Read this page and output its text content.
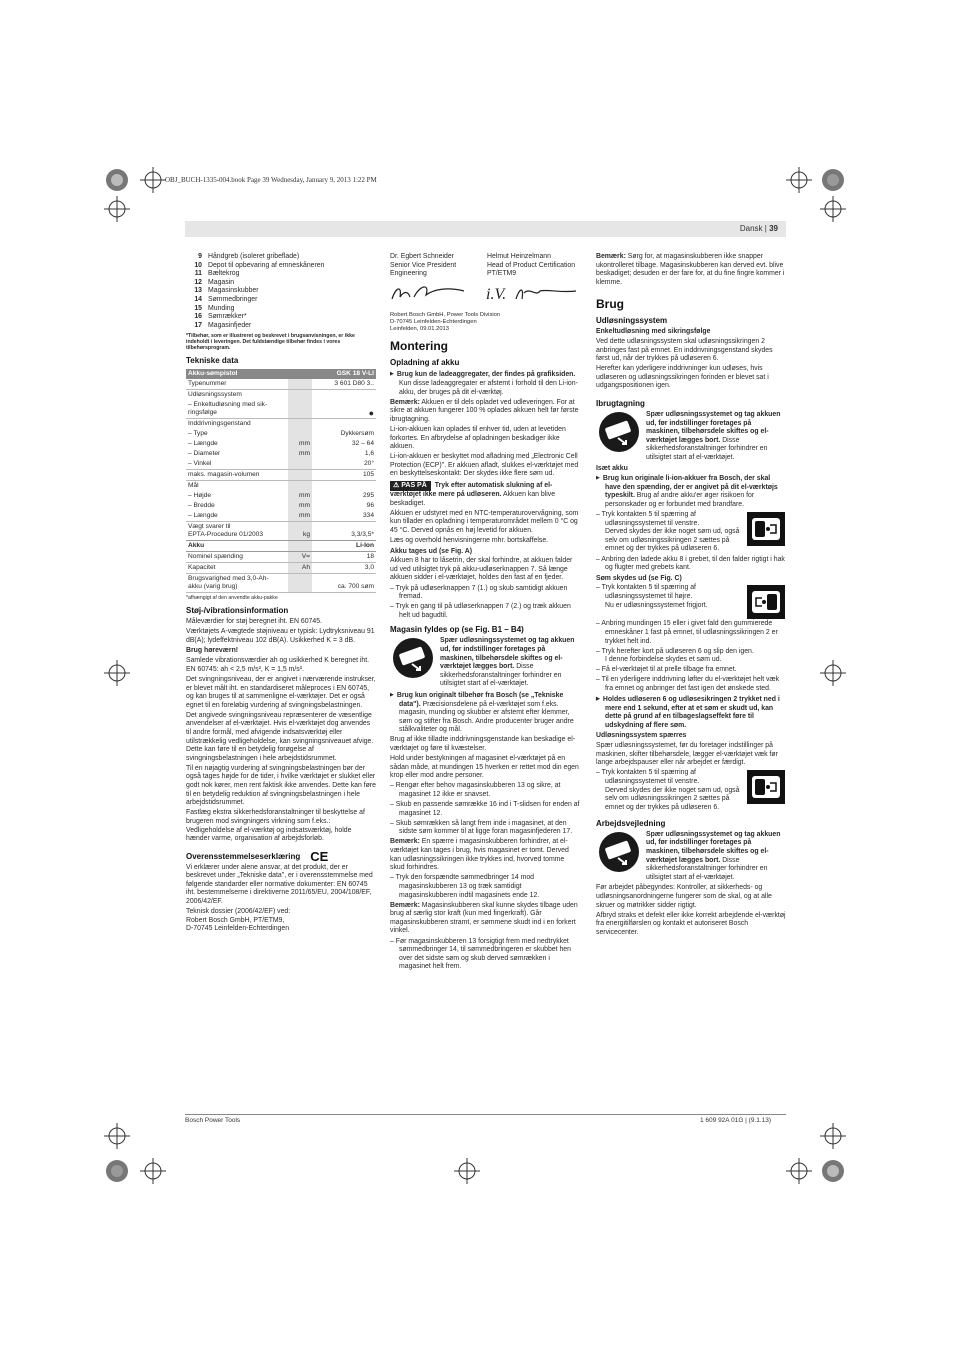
OBJ_BUCH-1335-004.book Page 39 Wednesday, January 9, 2013 1:22 PM
Dansk | 39
Bosch Power Tools	1 609 92A 01G | (9.1.13)
9 Håndgreb (isoleret gribeflade)
10 Depot til opbevaring af emneskåneren
11 Bæltekrog
12 Magasin
13 Magasinskubber
14 Sømmedbringer
15 Munding
16 Sømrækker*
17 Magasinfjeder

*Tilbehør, som er illustreret og beskrevet i brugsanvisningen, er ikke indeholdt i leveringen. Det fuldstændige tilbehør findes i vores tilbehørsprogram.

Tekniske data
Akku-sømpistol		GSK 18 V-LI
Typenummer		3 601 D80 3..
Udløsningssystem		
– Enkeltudløsning med sik-
ringsfølge		●
Inddrivningsgenstand		
– Type		Dykkersøm
– Længde	mm	32 – 64
– Diameter	mm	1,6
– Vinkel		20°
maks. magasin-volumen		105
Mål		
– Højde	mm	295
– Bredde	mm	96
– Længde	mm	334
Vægt svarer til
EPTA-Procedure 01/2003	kg	3,3/3,5*
Akku		Li-Ion
Nominel spænding	V=	18
Kapacitet	Ah	3,0
Brugsvarighed med 3,0-Ah-
akku (varig brug)		ca. 700 søm

*afhængigt af den anvendte akku-pakke

Støj-/vibrationsinformation

Måleværdier for støj beregnet iht. EN 60745.

Værktøjets A-vægtede støjniveau er typisk: Lydtryksniveau 91 dB(A); lydeffektniveau 102 dB(A). Usikkerhed K = 3 dB.

Brug høreværn!

Samlede vibrationsværdier ah og usikkerhed K beregnet iht. EN 60745: ah < 2,5 m/s², K = 1,5 m/s².

Det svingningsniveau, der er angivet i nærværende instrukser, er blevet målt iht. en standardiseret måleproces i EN 60745, og kan bruges til at sammenligne el-værktøjer. Det er også egnet til en foreløbig vurdering af svingningsbelastningen.

Det angivede svingningsniveau repræsenterer de væsentlige anvendelser af el-værktøjet. Hvis el-værktøjet dog anvendes til andre formål, med afvigende indsatsværktøj eller utilstrækkelig vedligeholdelse, kan svingningsniveauet afvige. Dette kan føre til en betydelig forøgelse af svingningsbelastningen i hele arbejdstidsrummet.

Til en nøjagtig vurdering af svingningsbelastningen bør der også tages højde for de tider, i hvilke værktøjet er slukket eller godt nok kører, men rent faktisk ikke anvendes. Dette kan føre til en betydelig reduktion af svingningsbelastningen i hele arbejdstidsrummet.

Fastlæg ekstra sikkerhedsforanstaltninger til beskyttelse af brugeren mod svingningers virkning som f.eks.: Vedligeholdelse af el-værktøj og indsatsværktøj, holde hænder varme, organisation af arbejdsforløb.

Overensstemmelseserklæring CE

Vi erklærer under alene ansvar, at det produkt, der er beskrevet under „Tekniske data", er i overensstemmelse med følgende standarder eller normative dokumenter: EN 60745 iht. bestemmelserne i direktiverne 2011/65/EU, 2004/108/EF, 2006/42/EF.

Teknisk dossier (2006/42/EF) ved:
Robert Bosch GmbH, PT/ETM9,
D-70745 Leinfelden-Echterdingen

Dr. Egbert Schneider
Senior Vice President
Engineering
Helmut Heinzelmann
Head of Product Certification
PT/ETM9
i.V.

Robert Bosch GmbH, Power Tools Division
D-70745 Leinfelden-Echterdingen
Leinfelden, 09.01.2013

Montering
Opladning af akku

▶ Brug kun de ladeaggregater, der findes på grafiksiden. Kun disse ladeaggregater er afstemt i forhold til den Li-ion-akku, der bruges på dit el-værktøj.

Bemærk: Akkuen er til dels opladet ved udleveringen. For at sikre at akkuen fungerer 100 % oplades akkuen helt før første ibrugtagning.

Li-ion-akkuen kan oplades til enhver tid, uden at levetiden forkortes. En afbrydelse af opladningen beskadiger ikke akkuen.

Li-ion-akkuen er beskyttet mod afladning med „Electronic Cell Protection (ECP)". Er akkuen afladt, slukkes el-værktøjet med en beskyttelseskontakt: Der skydes ikke flere søm ud.

⚠ PAS PÅ Tryk efter automatisk slukning af el-værktøjet ikke mere på udløseren. Akkuen kan blive beskadiget.

Akkuen er udstyret med en NTC-temperaturovervågning, som kun tillader en opladning i temperaturområdet mellem 0 °C og 45 °C. Derved opnås en høj levetid for akkuen.

Læs og overhold henvisningerne mhr. bortskaffelse.

Akku tages ud (se Fig. A)

Akkuen 8 har to låsetrin, der skal forhindre, at akkuen falder ud ved utilsigtet tryk på akku-udløserknappen 7. Så længe akkuen sidder i el-værktøjet, holdes den fast af en fjeder.

– Tryk på udløserknappen 7 (1.) og skub samtidigt akkuen fremad.

– Tryk en gang til på udløserknappen 7 (2.) og træk akkuen helt ud bagudtil.

Magasin fyldes op (se Fig. B1 – B4)

Spær udløsningssystemet og tag akkuen ud, før indstillinger foretages på maskinen, tilbehørsdele skiftes og el-værktøjet lægges bort. Disse sikkerhedsforanstaltninger forhindrer en utilsigtet start af el-værktøjet.

▶ Brug kun originalt tilbehør fra Bosch (se „Tekniske data"). Præcisionsdelene på el-værktøjet som f.eks. magasin, munding og skubber er afstemt efter klemmer, søm og stifter fra Bosch. Andre producenter bruger andre stålkvaliteter og mål.

Brug af ikke tilladte inddrivningsgenstande kan beskadige el-værktøjet og føre til kvæstelser.

Hold under bestykningen af magasinet el-værktøjet på en sådan måde, at mundingen 15 hverken er rettet mod din egen krop eller mod andre personer.

– Rengør efter behov magasinskubberen 13 og sikre, at magasinet 12 ikke er snavset.

– Skub en passende sømrække 16 ind i T-slidsen for enden af magasinet 12.

– Skub sømrækken så langt frem inde i magasinet, at den sidste søm kommer til at ligge foran magasinfjederen 17.

Bemærk: En spærre i magasinskubberen forhindrer, at el-værktøjet kan tages i brug, hvis magasinet er tomt. Derved kan udløsningssikringen ikke trykkes ind, hvorved tomme skud forhindres.

– Tryk den forspændte sømmedbringer 14 mod magasinskubberen 13 og træk samtidigt magasinskubberen indtil magasinets ende 12.

Bemærk: Magasinskubberen skal kunne skydes tilbage uden brug af særlig stor kraft (kun med fingerkraft). Går magasinskubberen stramt, er sømmene skudt ind i en forkert vinkel.

– Før magasinskubberen 13 forsigtigt frem med nedtrykket sømmedbringer 14, til sømmedbringeren er skubbet hen over det sidste søm og skub derved sømrækken i magasinet helt frem.

Bemærk: Sørg for, at magasinskubberen ikke snapper ukontrolleret tilbage. Magasinskubberen kan derved evt. blive beskadiget; desuden er der fare for, at du fine fingre kommer i klemme.

Brug
Udløsningssystem
Enkeltudløsning med sikringsfølge

Ved dette udløsningssystem skal udløsningssikringen 2 anbringes fast på emnet. En inddrivningsgenstand skydes først ud, når der trykkes på udløseren 6.

Herefter kan yderligere inddrivninger kun udløses, hvis udløseren og udløsningssikringen forinden er blevet sat i udgangspositionen igen.

Ibrugtagning

Spær udløsningssystemet og tag akkuen ud, før indstillinger foretages på maskinen, tilbehørsdele skiftes og el-værktøjet lægges bort. Disse sikkerhedsforanstaltninger forhindrer en utilsigtet start af el-værktøjet.

Isæt akku

▶ Brug kun originale li-ion-akkuer fra Bosch, der skal have den spænding, der er angivet på dit el-værktøjs typeskilt. Brug af andre akku'er øger risikoen for personskader og er forbundet med brandfare.

– Tryk kontakten 5 til spærring af udløsningssystemet til venstre.
Derved skydes der ikke noget søm ud, også selv om udløsningssikringen 2 sættes på emnet og der trykkes på udløseren 6.

– Anbring den ladede akku 8 i grebet, til den falder rigtigt i hak og flugter med grebets kant.

Søm skydes ud (se Fig. C)

– Tryk kontakten 5 til spærring af udløsningssystemet til højre.
Nu er udløsningssystemet frigjort.

– Anbring mundingen 15 eller i givet fald den gummierede emneskåner 1 fast på emnet, til udløsningssikringen 2 er trykket helt ind.

– Tryk herefter kort på udløseren 6 og slip den igen.
I denne forbindelse skydes et søm ud.

– Få el-værktøjet til at prelle tilbage fra emnet.

– Til en yderligere inddrivning løfter du el-værktøjet helt væk fra emnet og anbringer det fast igen det ønskede sted.

▶ Holdes udløseren 6 og udløsesikringen 2 trykket ned i mere end 1 sekund, efter at et søm er skudt ud, kan dette på grund af en tilbageslagseffekt føre til udskydning af flere søm.

Udløsningssystem spærres

Spær udløsningssystemet, før du foretager indstillinger på maskinen, skifter tilbehørsdele, lægger el-værktøjet væk før lange arbejdspauser eller når arbejdet er færdigt.

– Tryk kontakten 5 til spærring af udløsningssystemet til venstre.
Derved skydes der ikke noget søm ud, også selv om udløsningssikringen 2 sættes på emnet og der trykkes på udløseren 6.

Arbejdsvejledning

Spær udløsningssystemet og tag akkuen ud, før indstillinger foretages på maskinen, tilbehørsdele skiftes og el-værktøjet lægges bort. Disse sikkerhedsforanstaltninger forhindrer en utilsigtet start af el-værktøjet.

Før arbejdet påbegyndes: Kontroller, at sikkerheds- og udløsningsanordningerne fungerer som de skal, og at alle skruer og møtrikker sidder rigtigt.

Afbryd straks et defekt eller ikke korrekt arbejdende el-værktøj fra energitilførslen og kontakt et autoriseret Bosch servicecenter.
